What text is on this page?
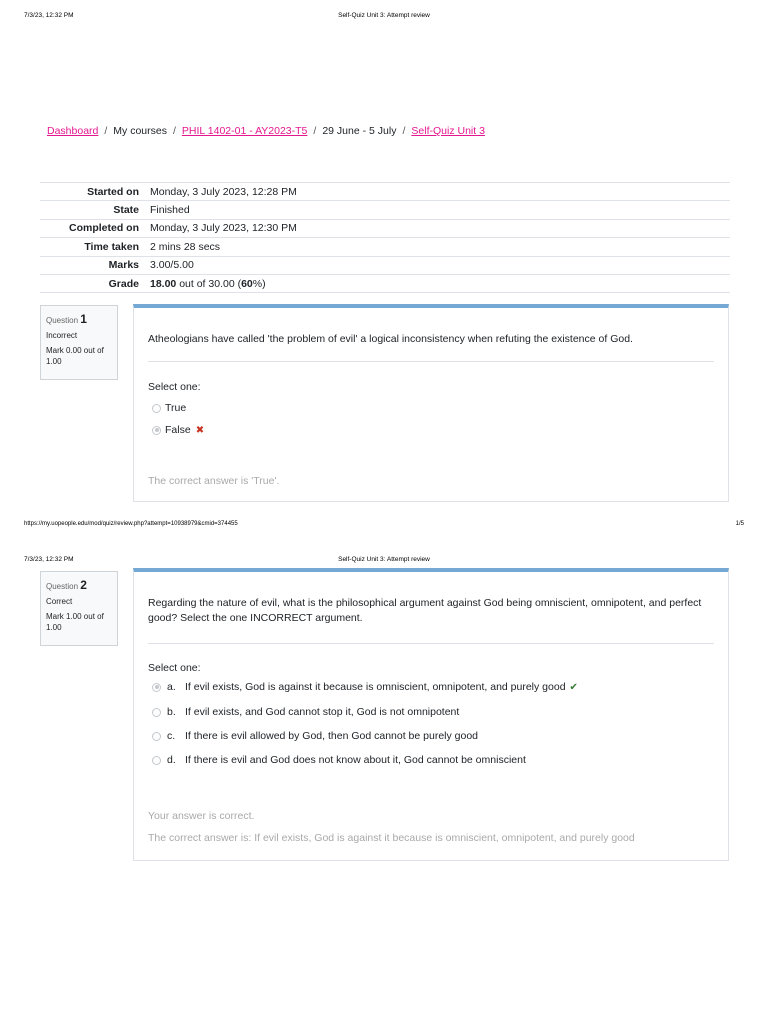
7/3/23, 12:32 PM	Self-Quiz Unit 3: Attempt review
Dashboard / My courses / PHIL 1402-01 - AY2023-T5 / 29 June - 5 July / Self-Quiz Unit 3
Started on	Monday, 3 July 2023, 12:28 PM
State	Finished
Completed on	Monday, 3 July 2023, 12:30 PM
Time taken	2 mins 28 secs
Marks	3.00/5.00
Grade	18.00 out of 30.00 (60%)
Question 1
Incorrect
Mark 0.00 out of 1.00
Atheologians have called 'the problem of evil' a logical inconsistency when refuting the existence of God.
Select one:
True
False ✖
The correct answer is 'True'.
https://my.uopeople.edu/mod/quiz/review.php?attempt=10938979&cmid=374455	1/5
7/3/23, 12:32 PM	Self-Quiz Unit 3: Attempt review
Question 2
Correct
Mark 1.00 out of 1.00
Regarding the nature of evil, what is the philosophical argument against God being omniscient, omnipotent, and perfect good? Select the one INCORRECT argument.
Select one:
a. If evil exists, God is against it because is omniscient, omnipotent, and purely good ✔
b. If evil exists, and God cannot stop it, God is not omnipotent
c. If there is evil allowed by God, then God cannot be purely good
d. If there is evil and God does not know about it, God cannot be omniscient
Your answer is correct.
The correct answer is: If evil exists, God is against it because is omniscient, omnipotent, and purely good
